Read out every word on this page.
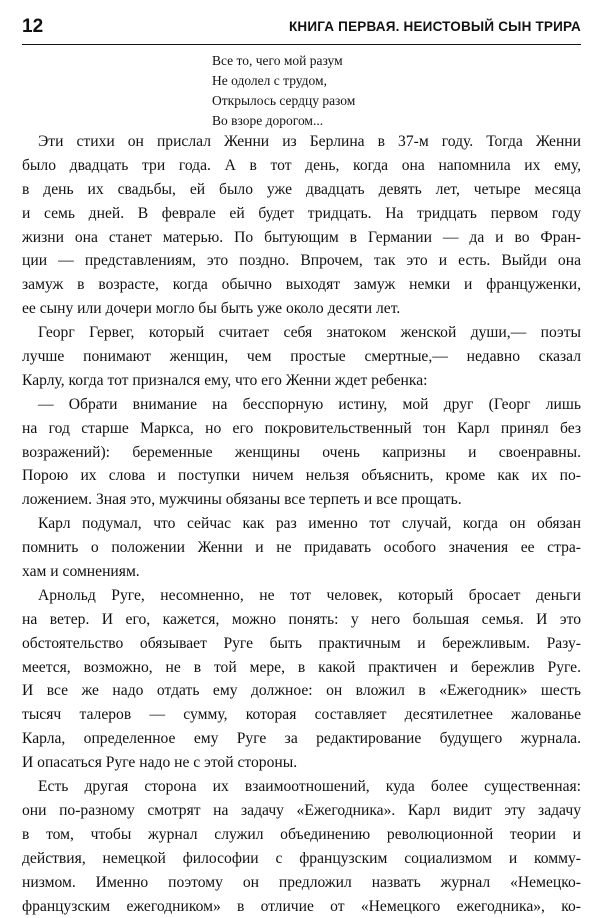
12	КНИГА ПЕРВАЯ. НЕИСТОВЫЙ СЫН ТРИРА
Все то, чего мой разум
Не одолел с трудом,
Открылось сердцу разом
Во взоре дорогом...
Эти стихи он прислал Женни из Берлина в 37-м году. Тогда Женни
было двадцать три года. А в тот день, когда она напомнила их ему,
в день их свадьбы, ей было уже двадцать девять лет, четыре месяца
и семь дней. В феврале ей будет тридцать. На тридцать первом году
жизни она станет матерью. По бытующим в Германии — да и во Фран-
ции — представлениям, это поздно. Впрочем, так это и есть. Выйди она
замуж в возрасте, когда обычно выходят замуж немки и француженки,
ее сыну или дочери могло бы быть уже около десяти лет.
Георг Гервег, который считает себя знатоком женской души,— поэты
лучше понимают женщин, чем простые смертные,— недавно сказал
Карлу, когда тот признался ему, что его Женни ждет ребенка:
— Обрати внимание на бесспорную истину, мой друг (Георг лишь
на год старше Маркса, но его покровительственный тон Карл принял без
возражений): беременные женщины очень капризны и своенравны.
Порою их слова и поступки ничем нельзя объяснить, кроме как их по-
ложением. Зная это, мужчины обязаны все терпеть и все прощать.
Карл подумал, что сейчас как раз именно тот случай, когда он обязан
помнить о положении Женни и не придавать особого значения ее стра-
хам и сомнениям.
Арнольд Руге, несомненно, не тот человек, который бросает деньги
на ветер. И его, кажется, можно понять: у него большая семья. И это
обстоятельство обязывает Руге быть практичным и бережливым. Разу-
меется, возможно, не в той мере, в какой практичен и бережлив Руге.
И все же надо отдать ему должное: он вложил в «Ежегодник» шесть
тысяч талеров — сумму, которая составляет десятилетнее жалованье
Карла, определенное ему Руге за редактирование будущего журнала.
И опасаться Руге надо не с этой стороны.
Есть другая сторона их взаимоотношений, куда более существенная:
они по-разному смотрят на задачу «Ежегодника». Карл видит эту задачу
в том, чтобы журнал служил объединению революционной теории и
действия, немецкой философии с французским социализмом и комму-
низмом. Именно поэтому он предложил назвать журнал «Немецко-
французским ежегодником» в отличие от «Немецкого ежегодника», ко-
